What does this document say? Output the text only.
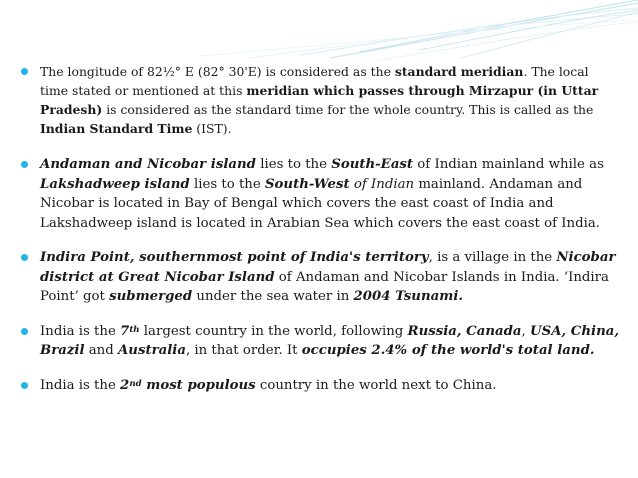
The longitude of 82½° E (82° 30'E) is considered as the standard meridian. The local time stated or mentioned at this meridian which passes through Mirzapur (in Uttar Pradesh) is considered as the standard time for the whole country. This is called as the Indian Standard Time (IST).
Andaman and Nicobar island lies to the South-East of Indian mainland while as Lakshadweep island lies to the South-West of Indian mainland. Andaman and Nicobar is located in Bay of Bengal which covers the east coast of India and Lakshadweep island is located in Arabian Sea which covers the east coast of India.
Indira Point, southernmost point of India's territory, is a village in the Nicobar district at Great Nicobar Island of Andaman and Nicobar Islands in India. ‘Indira Point’ got submerged under the sea water in 2004 Tsunami.
India is the 7th largest country in the world, following Russia, Canada, USA, China, Brazil and Australia, in that order. It occupies 2.4% of the world's total land.
India is the 2nd most populous country in the world next to China.
